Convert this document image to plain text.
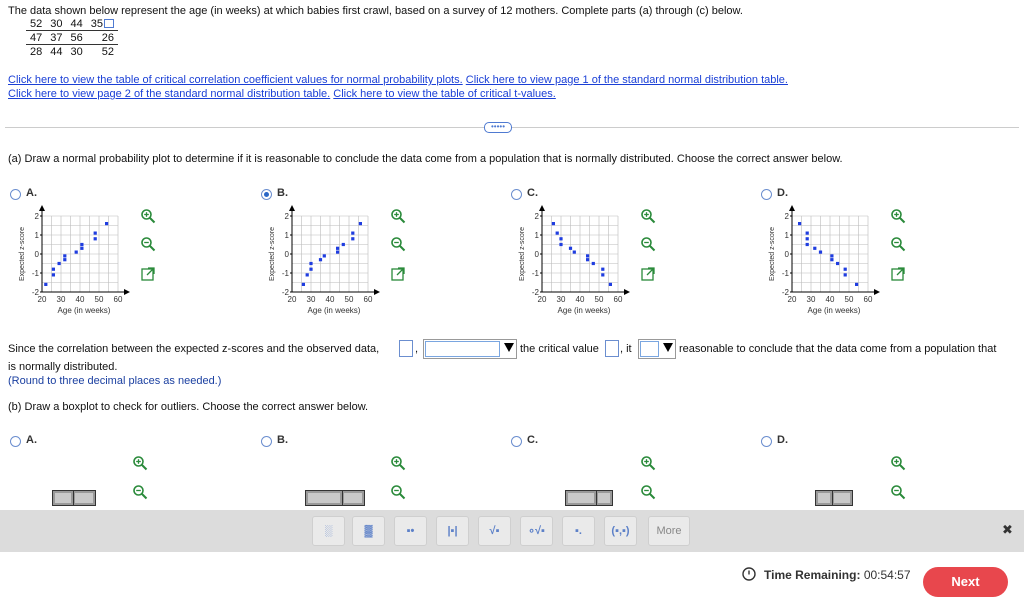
The data shown below represent the age (in weeks) at which babies first crawl, based on a survey of 12 mothers. Complete parts (a) through (c) below.
52	30	44	35
47	37	56	26
28	44	30	52
Click here to view the table of critical correlation coefficient values for normal probability plots. Click here to view page 1 of the standard normal distribution table.
Click here to view page 2 of the standard normal distribution table. Click here to view the table of critical t-values.
•••••
(a) Draw a normal probability plot to determine if it is reasonable to conclude the data come from a population that is normally distributed. Choose the correct answer below.
A.	B.	C.	D.
2
1
0
-1
-2
20 30 40 50 60
Age (in weeks)
Expected z-score
2
1
0
-1
-2
20 30 40 50 60
Age (in weeks)
Expected z-score
2
1
0
-1
-2
20 30 40 50 60
Age (in weeks)
Expected z-score
2
1
0
-1
-2
20 30 40 50 60
Age (in weeks)
Expected z-score
Since the correlation between the expected z-scores and the observed data,	,	the critical value , it	reasonable to conclude that the data come from a population that
is normally distributed.
(Round to three decimal places as needed.)
(b) Draw a boxplot to check for outliers. Choose the correct answer below.
A.	B.	C.	D.
░	▓	▪•	|▪|	√▪	∘√▪	▪.	(▪,▪)	More	✖
Time Remaining: 00:54:57	Next
